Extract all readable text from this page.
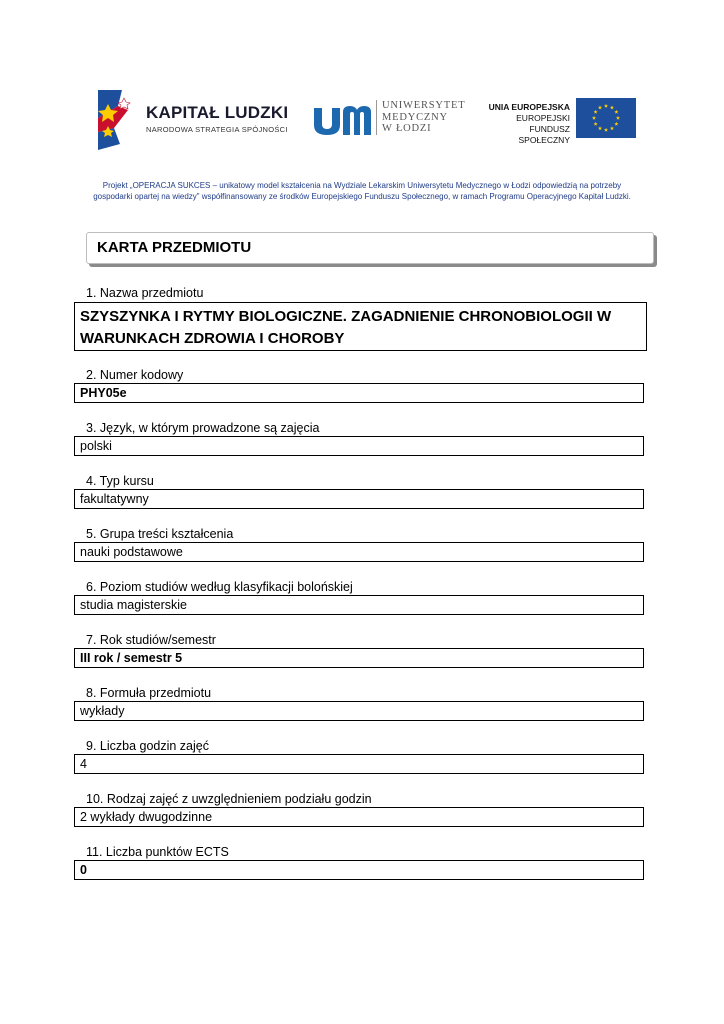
KAPITAŁ LUDZKI
NARODOWA STRATEGIA SPÓJNOŚCI
UNIWERSYTET
MEDYCZNY
W ŁODZI
UNIA EUROPEJSKA
EUROPEJSKI
FUNDUSZ SPOŁECZNY
Projekt „OPERACJA SUKCES – unikatowy model kształcenia na Wydziale Lekarskim Uniwersytetu Medycznego w Łodzi odpowiedzią na potrzeby gospodarki opartej na wiedzy” współfinansowany ze środków Europejskiego Funduszu Społecznego, w ramach Programu Operacyjnego Kapitał Ludzki.
KARTA PRZEDMIOTU
1. Nazwa przedmiotu
SZYSZYNKA I RYTMY BIOLOGICZNE. ZAGADNIENIE CHRONOBIOLOGII W WARUNKACH ZDROWIA I CHOROBY
2. Numer kodowy
PHY05e
3. Język, w którym prowadzone są zajęcia
polski
4. Typ kursu
fakultatywny
5. Grupa treści kształcenia
nauki podstawowe
6. Poziom studiów według klasyfikacji bolońskiej
studia magisterskie
7. Rok studiów/semestr
III rok / semestr 5
8. Formuła przedmiotu
wykłady
9. Liczba godzin zajęć
4
10. Rodzaj zajęć z uwzględnieniem podziału godzin
2 wykłady dwugodzinne
11. Liczba punktów ECTS
0
